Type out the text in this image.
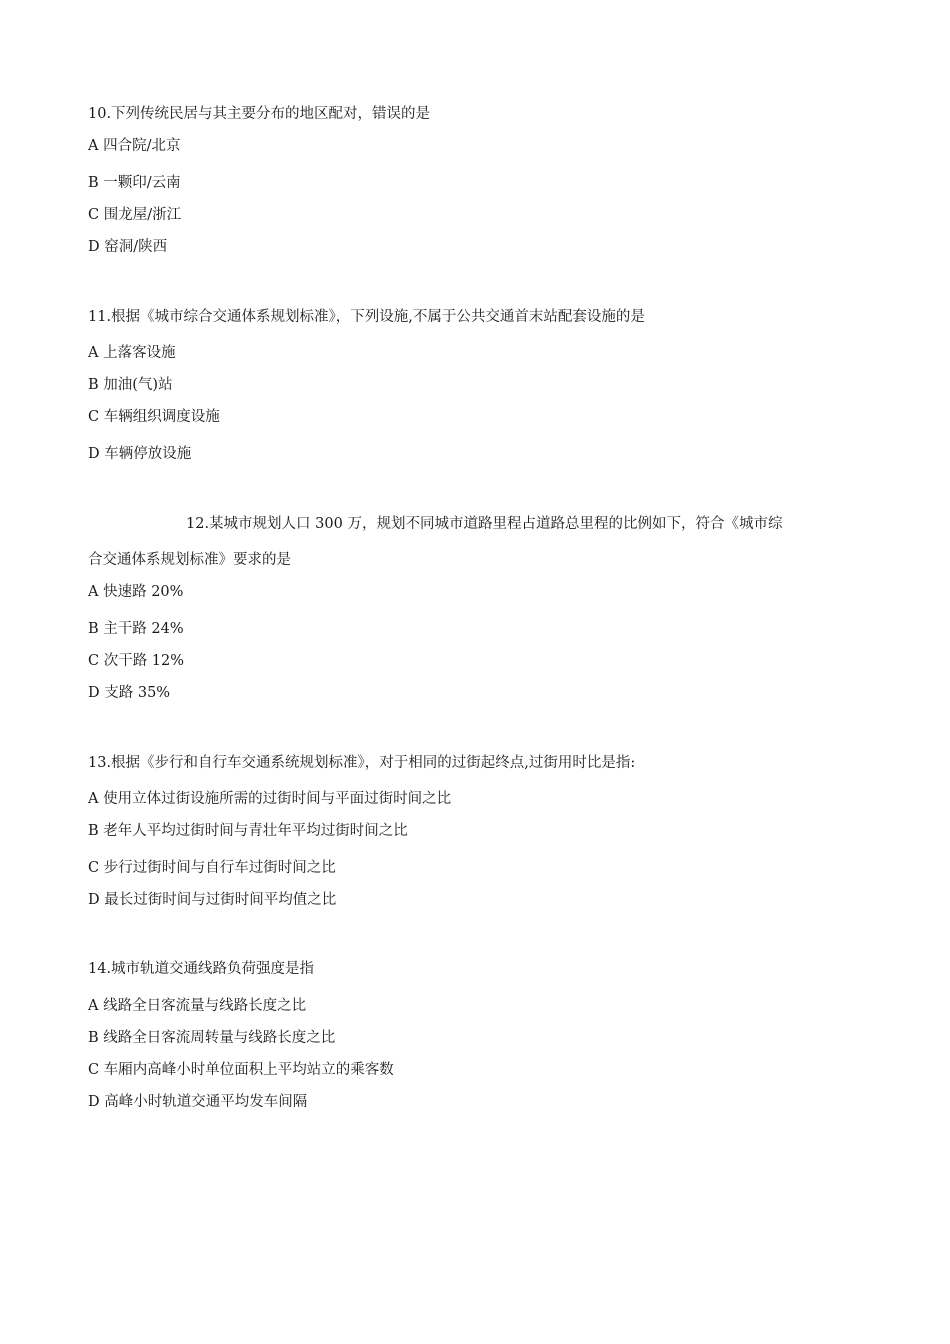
10.下列传统民居与其主要分布的地区配对，错误的是
A 四合院/北京
B 一颗印/云南
C 围龙屋/浙江
D 窑洞/陕西
11.根据《城市综合交通体系规划标准》，下列设施,不属于公共交通首末站配套设施的是
A 上落客设施
B 加油(气)站
C 车辆组织调度设施
D 车辆停放设施
12.某城市规划人口 300 万，规划不同城市道路里程占道路总里程的比例如下，符合《城市综
合交通体系规划标准》要求的是
A 快速路 20%
B 主干路 24%
C 次干路 12%
D 支路 35%
13.根据《步行和自行车交通系统规划标准》，对于相同的过街起终点,过街用时比是指:
A 使用立体过街设施所需的过街时间与平面过街时间之比
B 老年人平均过街时间与青壮年平均过街时间之比
C 步行过街时间与自行车过街时间之比
D 最长过街时间与过街时间平均值之比
14.城市轨道交通线路负荷强度是指
A 线路全日客流量与线路长度之比
B 线路全日客流周转量与线路长度之比
C 车厢内高峰小时单位面积上平均站立的乘客数
D 高峰小时轨道交通平均发车间隔
